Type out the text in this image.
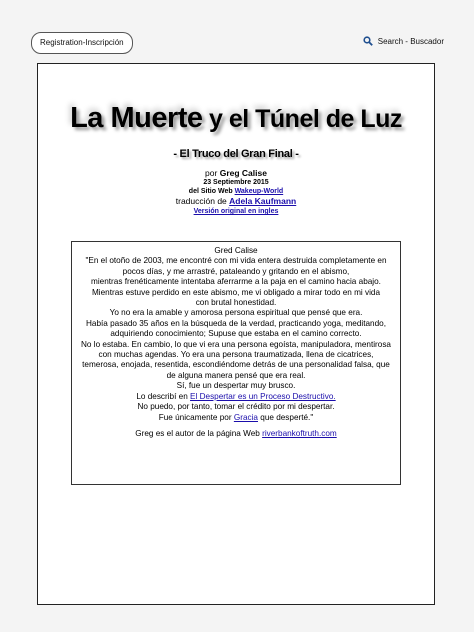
Registration-Inscripción	Search - Buscador
La Muerte y el Túnel de Luz
- El Truco del Gran Final -
por Greg Calise
23 Septiembre 2015
del Sitio Web Wakeup-World
traducción de Adela Kaufmann
Versión original en ingles
Gred Calise
"En el otoño de 2003, me encontré con mi vida entera destruida completamente en pocos días, y me arrastré, pataleando y gritando en el abismo,
mientras frenéticamente intentaba aferrarme a la paja en el camino hacia abajo.
Mientras estuve perdido en este abismo, me vi obligado a mirar todo en mi vida
con brutal honestidad.
Yo no era la amable y amorosa persona espiritual que pensé que era.
Había pasado 35 años en la búsqueda de la verdad, practicando yoga, meditando,
adquiriendo conocimiento; Supuse que estaba en el camino correcto.
No lo estaba. En cambio, lo que vi era una persona egoísta, manipuladora, mentirosa con muchas agendas. Yo era una persona traumatizada, llena de cicatrices, temerosa, enojada, resentida, escondiéndome detrás de una personalidad falsa, que de alguna manera pensé que era real.
Sí, fue un despertar muy brusco.
Lo describí en El Despertar es un Proceso Destructivo.
No puedo, por tanto, tomar el crédito por mi despertar.
Fue únicamente por Gracia que desperté."
Greg es el autor de la página Web riverbankoftruth.com
